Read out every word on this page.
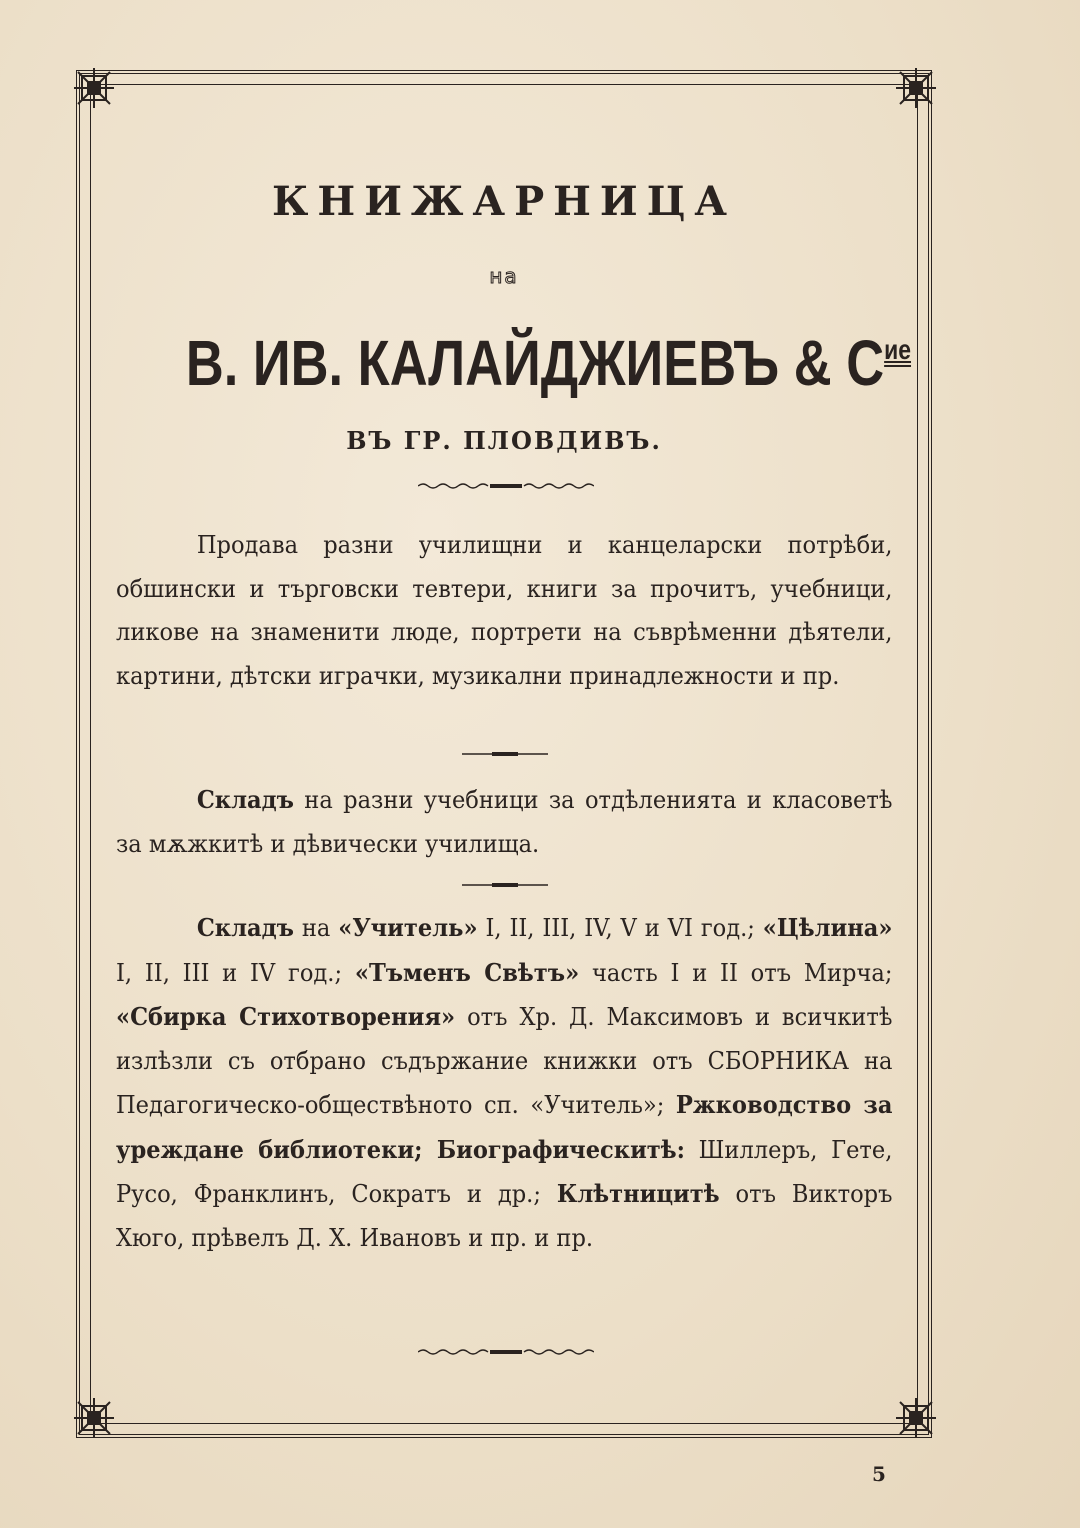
КНИЖАРНИЦА
на
В. ИВ. КАЛАЙДЖИЕВЪ & $С^{ие}$
ВЪ ГР. ПЛОВДИВЪ.
Продава разни училищни и канцеларски потрѣби, обшински и търговски тевтери, книги за прочитъ, учебници, ликове на знаменити люде, портрети на съврѣменни дѣятели, картини, дѣтски играчки, музикални принадлежности и пр.
Складъ на разни учебници за отдѣленията и класоветѣ за мѫжкитѣ и дѣвически училища.
Складъ на «Учитель» I, II, III, IV, V и VI год.; «Цѣлина» I, II, III и IV год.; «Тъменъ Свѣтъ» часть I и II отъ Мирча; «Сбирка Стихотворения» отъ Хр. Д. Максимовъ и всичкитѣ излѣзли съ отбрано съдържание книжки отъ СБОРНИКА на Педагогическо-обществѣното сп. «Учитель»; Ржководство за уреждане библиотеки; Биографическитѣ: Шиллеръ, Гете, Русо, Франклинъ, Сократъ и др.; Клѣтницитѣ отъ Викторъ Хюго, прѣвелъ Д. Х. Ивановъ и пр. и пр.
5
